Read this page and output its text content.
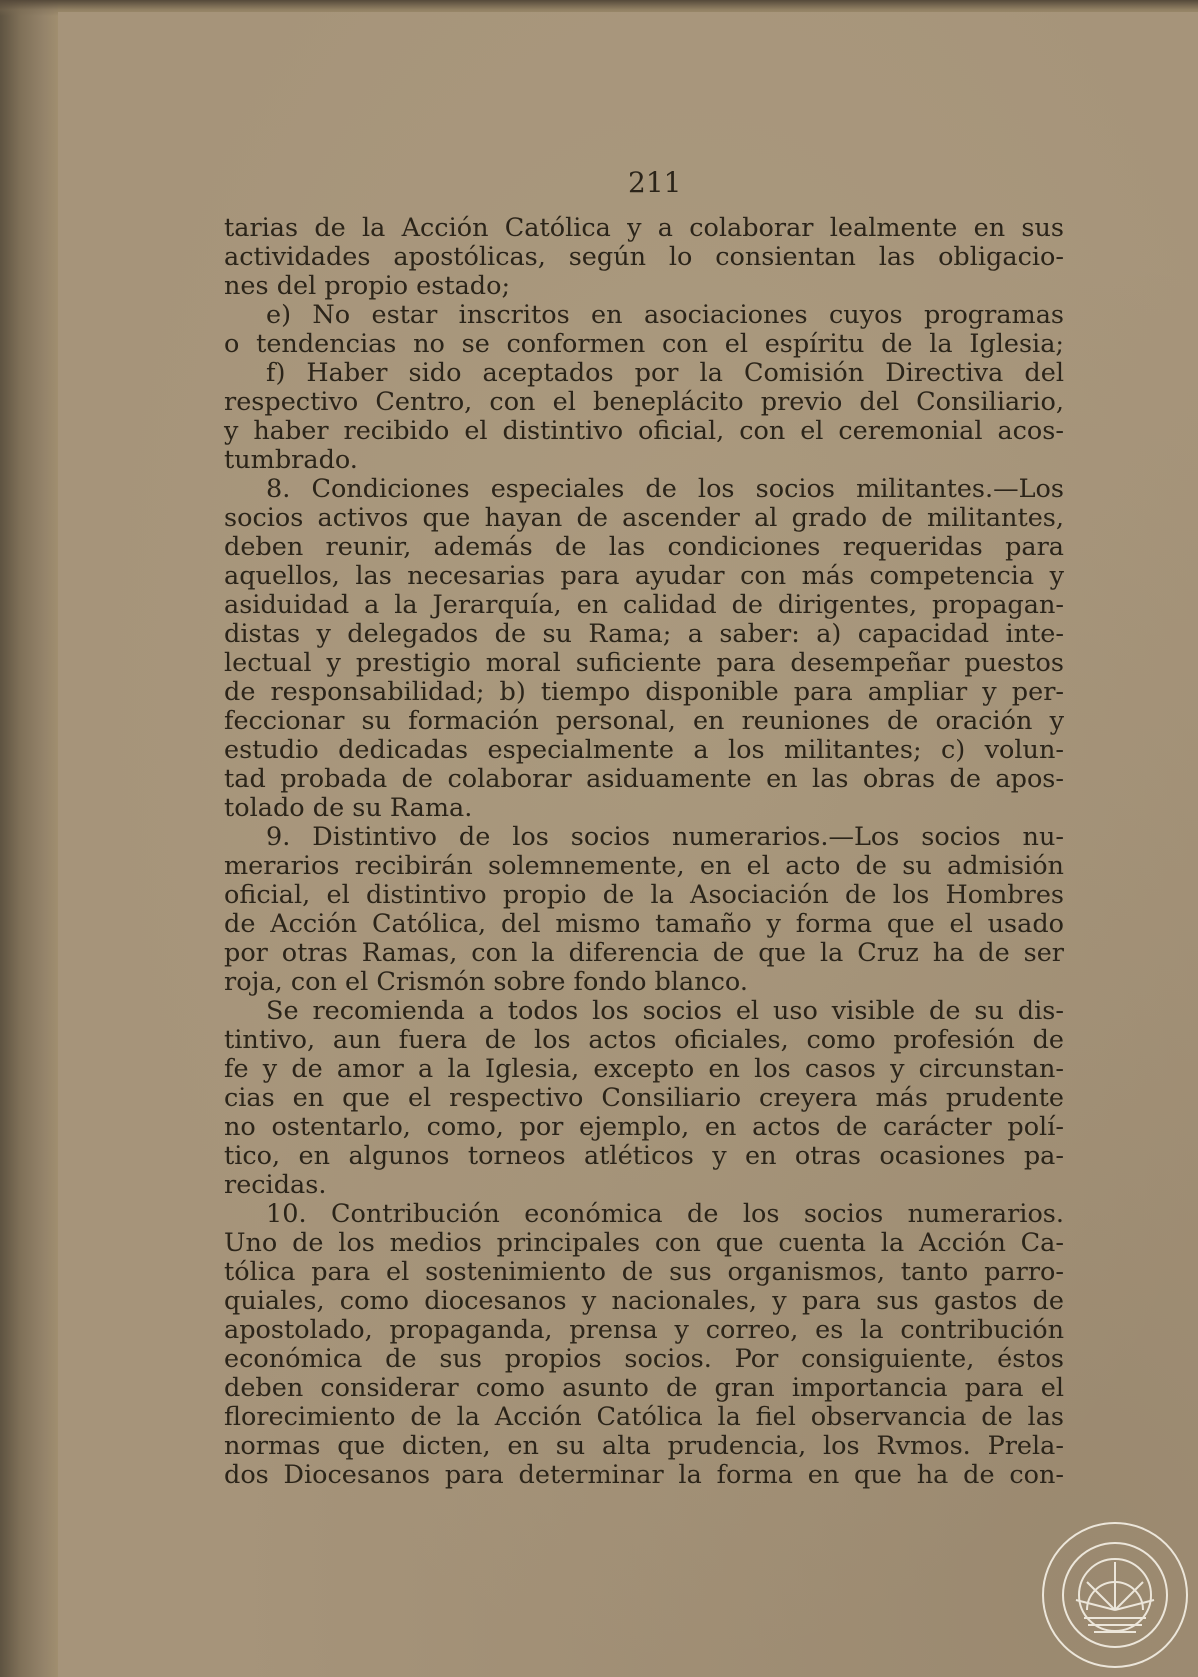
211
tarias de la Acción Católica y a colaborar lealmente en sus
actividades apostólicas, según lo consientan las obligacio-
nes del propio estado;
e) No estar inscritos en asociaciones cuyos programas
o tendencias no se conformen con el espíritu de la Iglesia;
f) Haber sido aceptados por la Comisión Directiva del
respectivo Centro, con el beneplácito previo del Consiliario,
y haber recibido el distintivo oficial, con el ceremonial acos-
tumbrado.
8. Condiciones especiales de los socios militantes.—Los
socios activos que hayan de ascender al grado de militantes,
deben reunir, además de las condiciones requeridas para
aquellos, las necesarias para ayudar con más competencia y
asiduidad a la Jerarquía, en calidad de dirigentes, propagan-
distas y delegados de su Rama; a saber: a) capacidad inte-
lectual y prestigio moral suficiente para desempeñar puestos
de responsabilidad; b) tiempo disponible para ampliar y per-
feccionar su formación personal, en reuniones de oración y
estudio dedicadas especialmente a los militantes; c) volun-
tad probada de colaborar asiduamente en las obras de apos-
tolado de su Rama.
9. Distintivo de los socios numerarios.—Los socios nu-
merarios recibirán solemnemente, en el acto de su admisión
oficial, el distintivo propio de la Asociación de los Hombres
de Acción Católica, del mismo tamaño y forma que el usado
por otras Ramas, con la diferencia de que la Cruz ha de ser
roja, con el Crismón sobre fondo blanco.
Se recomienda a todos los socios el uso visible de su dis-
tintivo, aun fuera de los actos oficiales, como profesión de
fe y de amor a la Iglesia, excepto en los casos y circunstan-
cias en que el respectivo Consiliario creyera más prudente
no ostentarlo, como, por ejemplo, en actos de carácter polí-
tico, en algunos torneos atléticos y en otras ocasiones pa-
recidas.
10. Contribución económica de los socios numerarios.
Uno de los medios principales con que cuenta la Acción Ca-
tólica para el sostenimiento de sus organismos, tanto parro-
quiales, como diocesanos y nacionales, y para sus gastos de
apostolado, propaganda, prensa y correo, es la contribución
económica de sus propios socios. Por consiguiente, éstos
deben considerar como asunto de gran importancia para el
florecimiento de la Acción Católica la fiel observancia de las
normas que dicten, en su alta prudencia, los Rvmos. Prela-
dos Diocesanos para determinar la forma en que ha de con-
